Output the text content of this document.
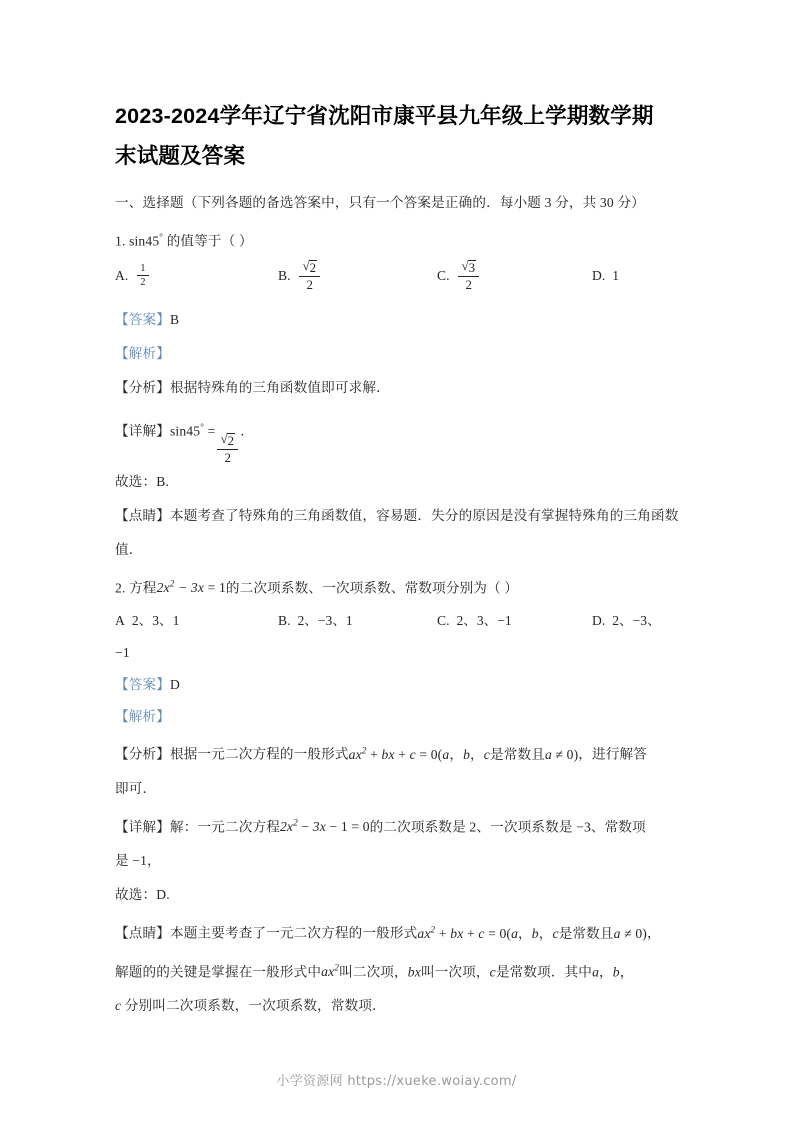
2023-2024学年辽宁省沈阳市康平县九年级上学期数学期末试题及答案

一、选择题（下列各题的备选答案中，只有一个答案是正确的．每小题 3 分，共 30 分）

1. sin45° 的值等于（ ）

A. $\frac{1}{2}$	B. $\frac{√ 2}{2}$	C. $\frac{√ 3}{2}$	D. 1

【答案】B

【解析】

【分析】根据特殊角的三角函数值即可求解．

【详解】sin45° =
$\frac{√ 2}{2}$
．

故选：B.

【点睛】本题考查了特殊角的三角函数值，容易题．失分的原因是没有掌握特殊角的三角函数值．

2. 方程$2x^2 - 3x = 1$的二次项系数、一次项系数、常数项分别为（ ）

A 2、3、1	B. 2、−3、1	C. 2、3、−1	D. 2、−3、

−1

【答案】D

【解析】

【分析】根据一元二次方程的一般形式$ax^2$ + bx + c = 0(a，b，c是常数且a ≠ 0)，进行解答

即可．

【详解】解：一元二次方程$2x^2 - 3x - 1 = 0$的二次项系数是 2、一次项系数是 −3、常数项

是 −1，

故选：D.

【点睛】本题主要考查了一元二次方程的一般形式$ax^2$ + bx + c = 0(a，b，c是常数且a ≠ 0)，

解题的的关键是掌握在一般形式中$ax^2$叫二次项，bx叫一次项，c是常数项．其中a，b，

c 分别叫二次项系数，一次项系数，常数项．

小学资源网 https://xueke.woiay.com/
